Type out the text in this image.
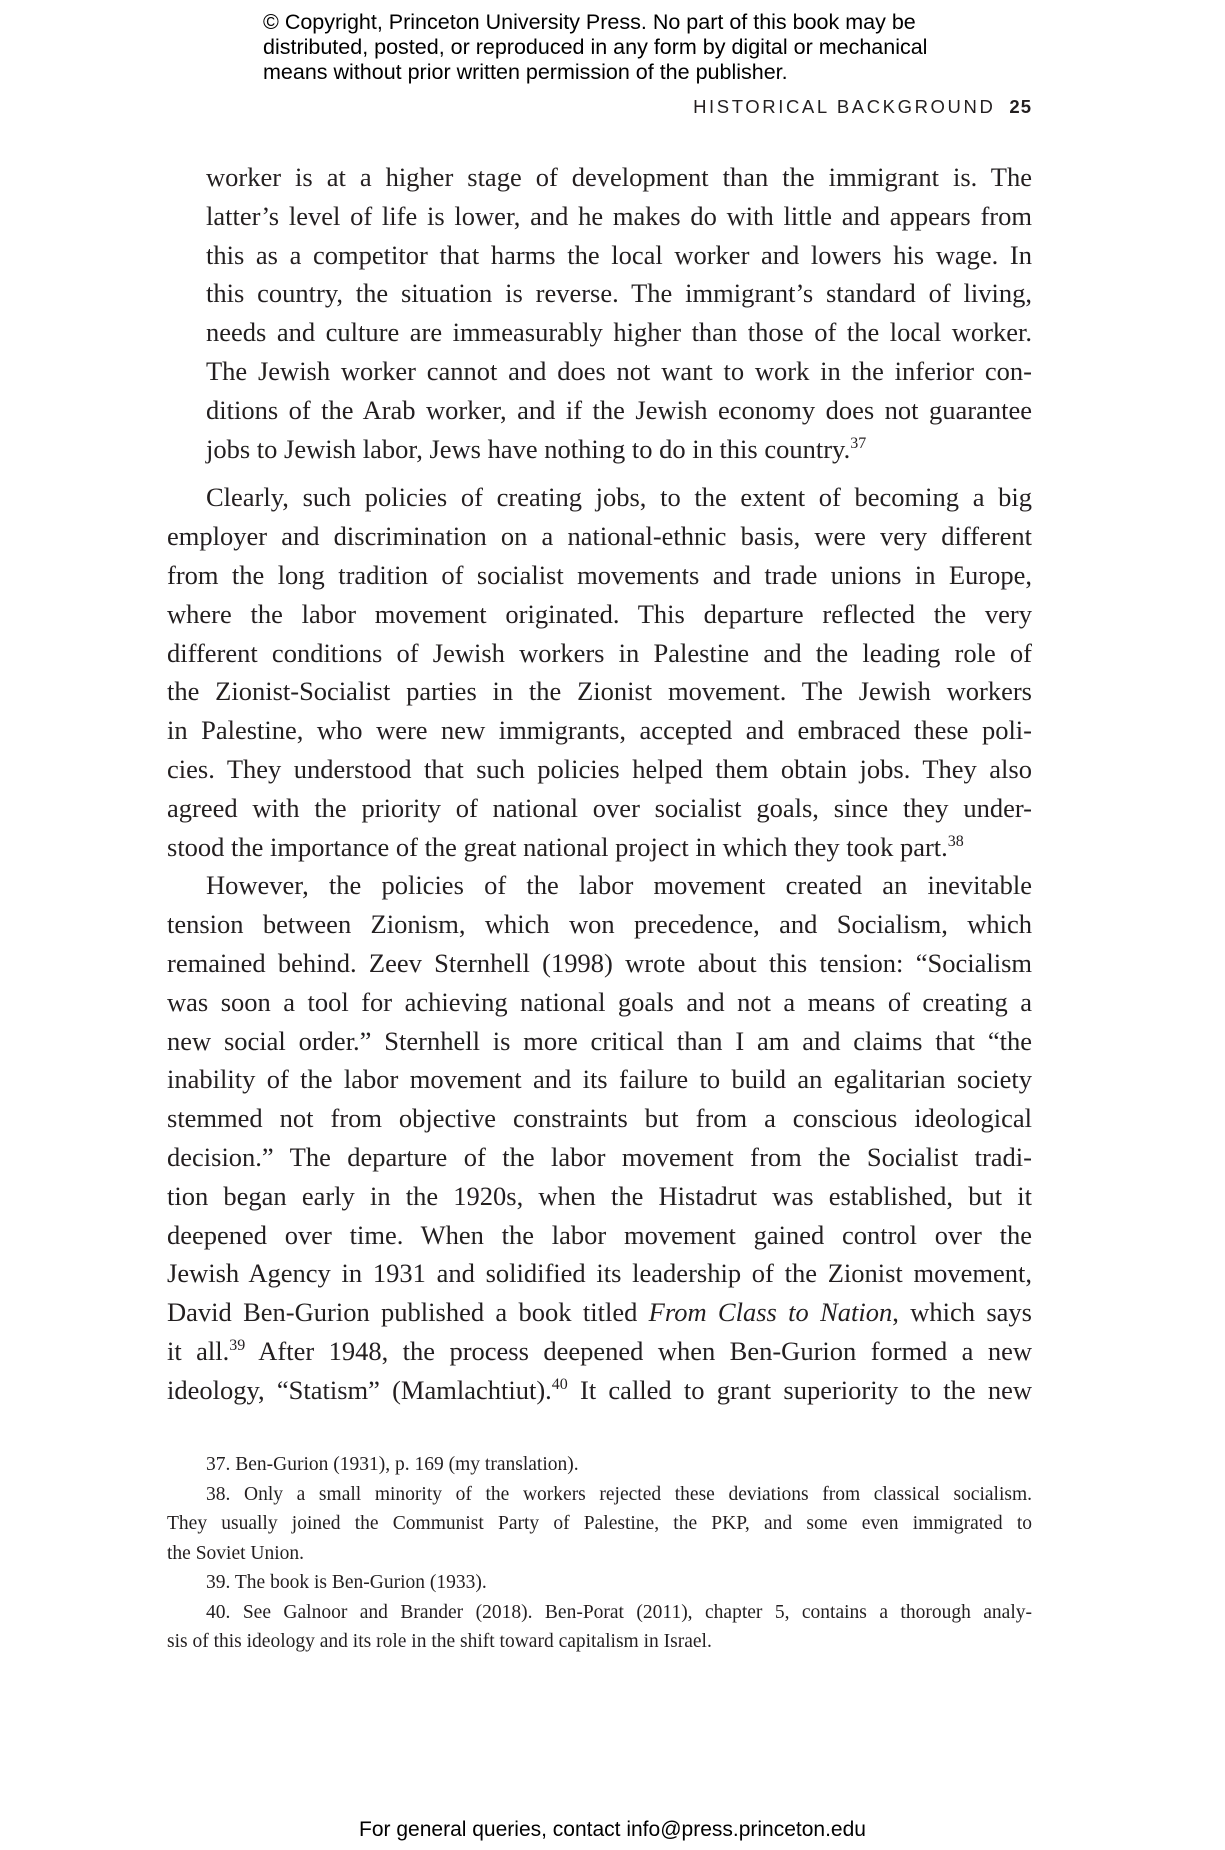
© Copyright, Princeton University Press. No part of this book may be
distributed, posted, or reproduced in any form by digital or mechanical
means without prior written permission of the publisher.
HISTORICAL BACKGROUND 25
worker is at a higher stage of development than the immigrant is. The
latter’s level of life is lower, and he makes do with little and appears from
this as a competitor that harms the local worker and lowers his wage. In
this country, the situation is reverse. The immigrant’s standard of living,
needs and culture are immeasurably higher than those of the local worker.
The Jewish worker cannot and does not want to work in the inferior con-
ditions of the Arab worker, and if the Jewish economy does not guarantee
jobs to Jewish labor, Jews have nothing to do in this country.$^{37}$
Clearly, such policies of creating jobs, to the extent of becoming a big
employer and discrimination on a national-ethnic basis, were very different
from the long tradition of socialist movements and trade unions in Europe,
where the labor movement originated. This departure reflected the very
different conditions of Jewish workers in Palestine and the leading role of
the Zionist-Socialist parties in the Zionist movement. The Jewish workers
in Palestine, who were new immigrants, accepted and embraced these poli-
cies. They understood that such policies helped them obtain jobs. They also
agreed with the priority of national over socialist goals, since they under-
stood the importance of the great national project in which they took part.$^{38}$
However, the policies of the labor movement created an inevitable
tension between Zionism, which won precedence, and Socialism, which
remained behind. Zeev Sternhell (1998) wrote about this tension: “Socialism
was soon a tool for achieving national goals and not a means of creating a
new social order.” Sternhell is more critical than I am and claims that “the
inability of the labor movement and its failure to build an egalitarian society
stemmed not from objective constraints but from a conscious ideological
decision.” The departure of the labor movement from the Socialist tradi-
tion began early in the 1920s, when the Histadrut was established, but it
deepened over time. When the labor movement gained control over the
Jewish Agency in 1931 and solidified its leadership of the Zionist movement,
David Ben-Gurion published a book titled From Class to Nation, which says
it all.$^{39}$ After 1948, the process deepened when Ben-Gurion formed a new
ideology, “Statism” (Mamlachtiut).$^{40}$ It called to grant superiority to the new
37. Ben-Gurion (1931), p. 169 (my translation).
38. Only a small minority of the workers rejected these deviations from classical socialism.
They usually joined the Communist Party of Palestine, the PKP, and some even immigrated to
the Soviet Union.
39. The book is Ben-Gurion (1933).
40. See Galnoor and Brander (2018). Ben-Porat (2011), chapter 5, contains a thorough analy-
sis of this ideology and its role in the shift toward capitalism in Israel.
For general queries, contact info@press.princeton.edu
